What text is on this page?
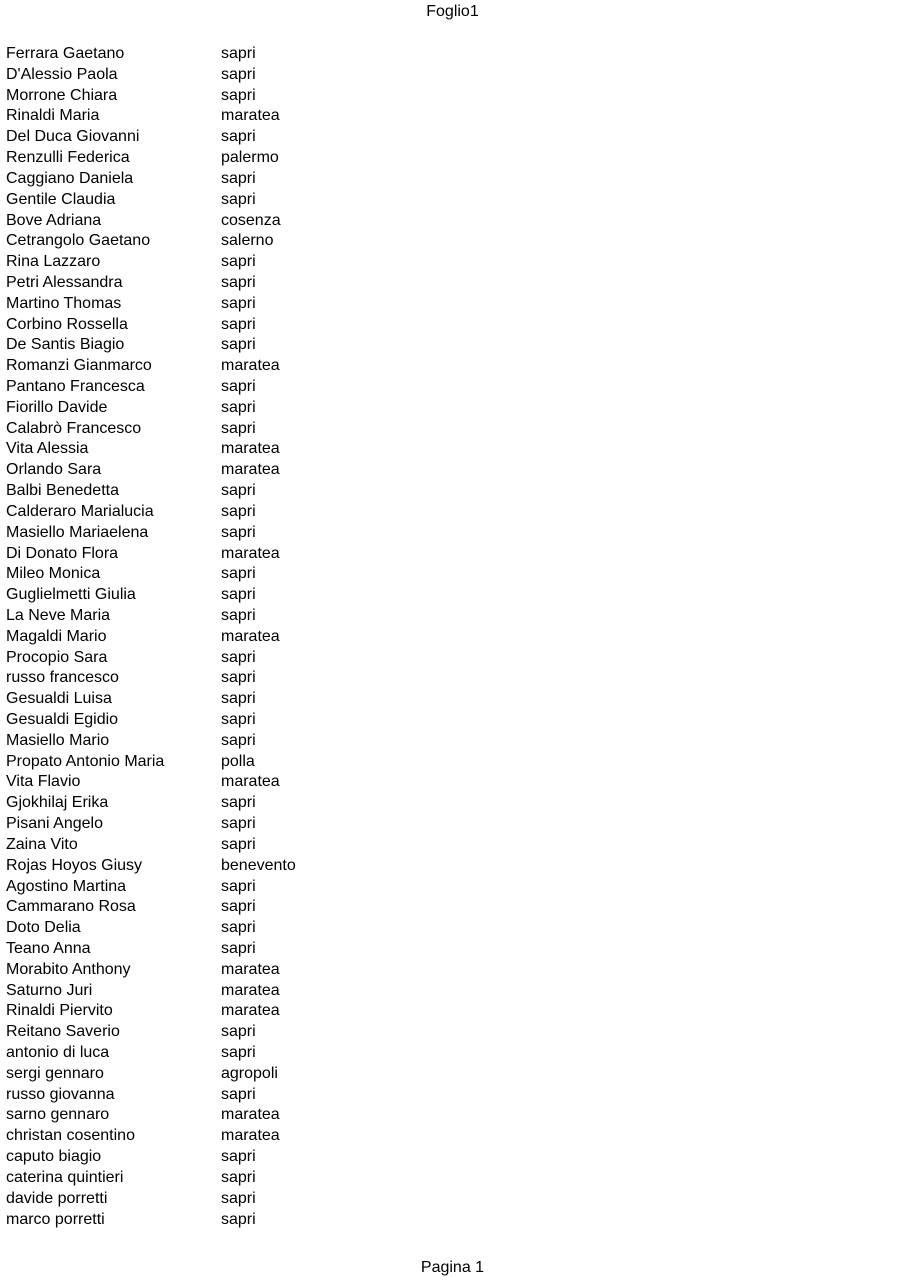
Foglio1
Ferrara Gaetano	sapri
D'Alessio Paola	sapri
Morrone Chiara	sapri
Rinaldi Maria	maratea
Del Duca Giovanni	sapri
Renzulli Federica	palermo
Caggiano Daniela	sapri
Gentile Claudia	sapri
Bove Adriana	cosenza
Cetrangolo Gaetano	salerno
Rina Lazzaro	sapri
Petri Alessandra	sapri
Martino Thomas	sapri
Corbino Rossella	sapri
De Santis Biagio	sapri
Romanzi Gianmarco	maratea
Pantano Francesca	sapri
Fiorillo Davide	sapri
Calabrò Francesco	sapri
Vita Alessia	maratea
Orlando Sara	maratea
Balbi Benedetta	sapri
Calderaro Marialucia	sapri
Masiello Mariaelena	sapri
Di Donato Flora	maratea
Mileo Monica	sapri
Guglielmetti Giulia	sapri
La Neve Maria	sapri
Magaldi Mario	maratea
Procopio Sara	sapri
russo francesco	sapri
Gesualdi Luisa	sapri
Gesualdi Egidio	sapri
Masiello Mario	sapri
Propato Antonio Maria	polla
Vita Flavio	maratea
Gjokhilaj Erika	sapri
Pisani Angelo	sapri
Zaina Vito	sapri
Rojas Hoyos Giusy	benevento
Agostino Martina	sapri
Cammarano Rosa	sapri
Doto Delia	sapri
Teano Anna	sapri
Morabito Anthony	maratea
Saturno Juri	maratea
Rinaldi Piervito	maratea
Reitano Saverio	sapri
antonio di luca	sapri
sergi gennaro	agropoli
russo giovanna	sapri
sarno gennaro	maratea
christan cosentino	maratea
caputo biagio	sapri
caterina quintieri	sapri
davide porretti	sapri
marco porretti	sapri
Pagina 1
